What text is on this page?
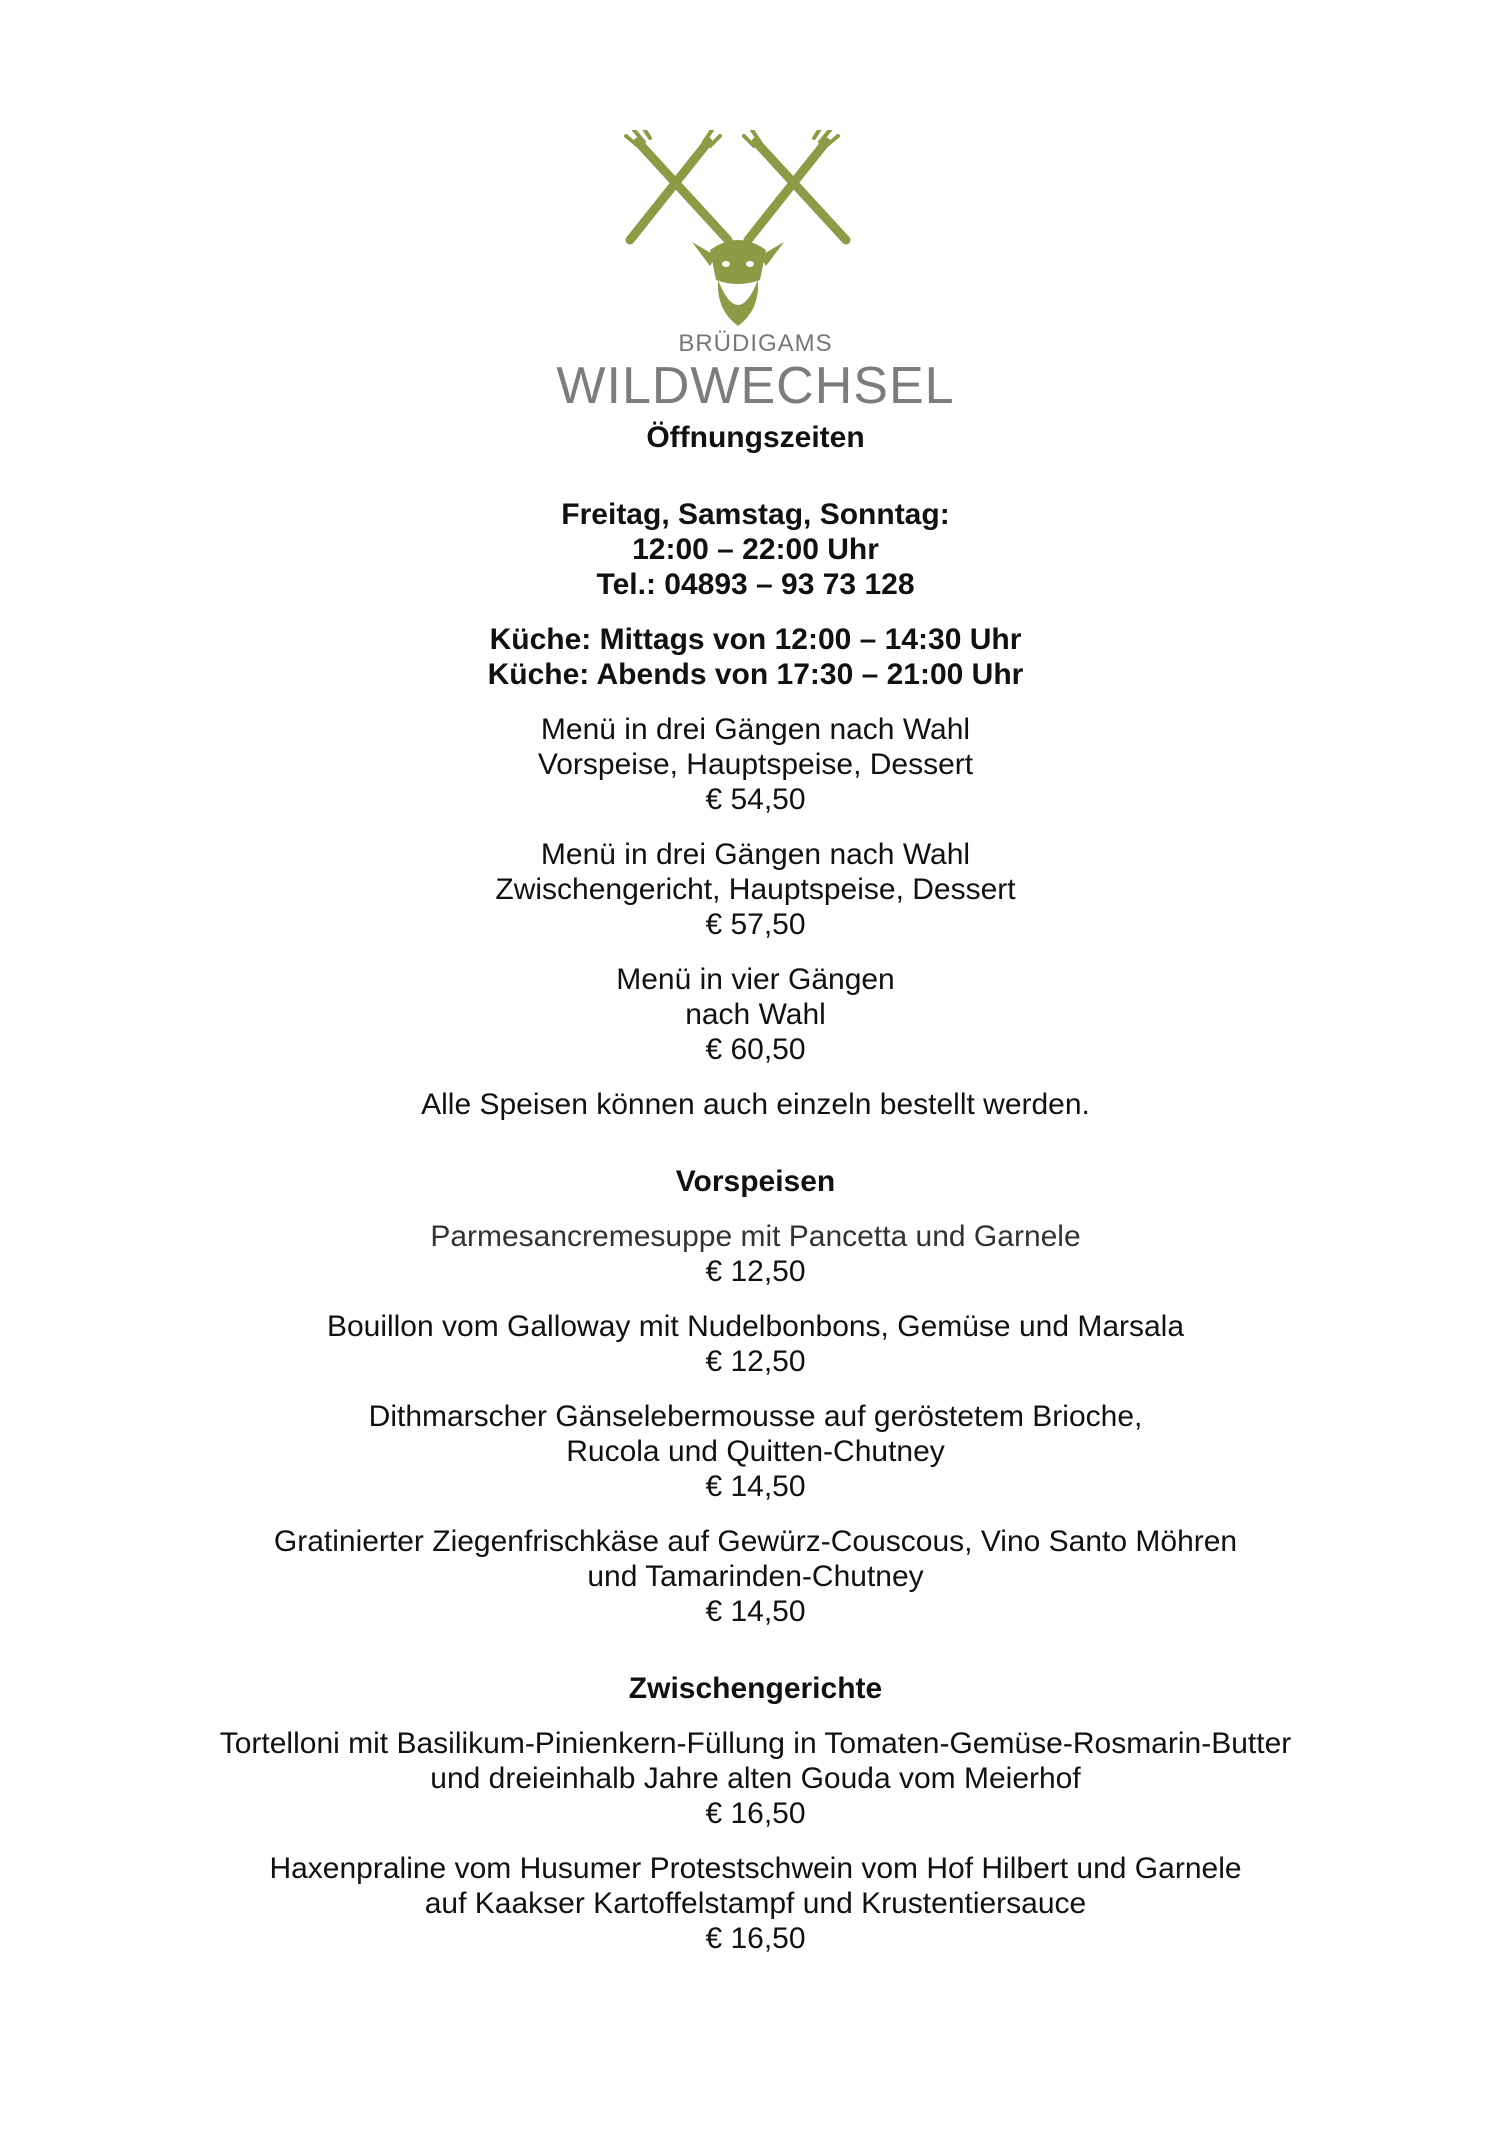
BRÜDIGAMS
WILDWECHSEL
Öffnungszeiten
Freitag, Samstag, Sonntag:
12:00 – 22:00 Uhr
Tel.: 04893 – 93 73 128
Küche: Mittags von 12:00 – 14:30 Uhr
Küche: Abends von 17:30 – 21:00 Uhr
Menü in drei Gängen nach Wahl
Vorspeise, Hauptspeise, Dessert
€ 54,50
Menü in drei Gängen nach Wahl
Zwischengericht, Hauptspeise, Dessert
€ 57,50
Menü in vier Gängen
nach Wahl
€ 60,50
Alle Speisen können auch einzeln bestellt werden.
Vorspeisen
Parmesancremesuppe mit Pancetta und Garnele
€ 12,50
Bouillon vom Galloway mit Nudelbonbons, Gemüse und Marsala
€ 12,50
Dithmarscher Gänselebermousse auf geröstetem Brioche,
Rucola und Quitten-Chutney
€ 14,50
Gratinierter Ziegenfrischkäse auf Gewürz-Couscous, Vino Santo Möhren
und Tamarinden-Chutney
€ 14,50
Zwischengerichte
Tortelloni mit Basilikum-Pinienkern-Füllung in Tomaten-Gemüse-Rosmarin-Butter
und dreieinhalb Jahre alten Gouda vom Meierhof
€ 16,50
Haxenpraline vom Husumer Protestschwein vom Hof Hilbert und Garnele
auf Kaakser Kartoffelstampf und Krustentiersauce
€ 16,50
